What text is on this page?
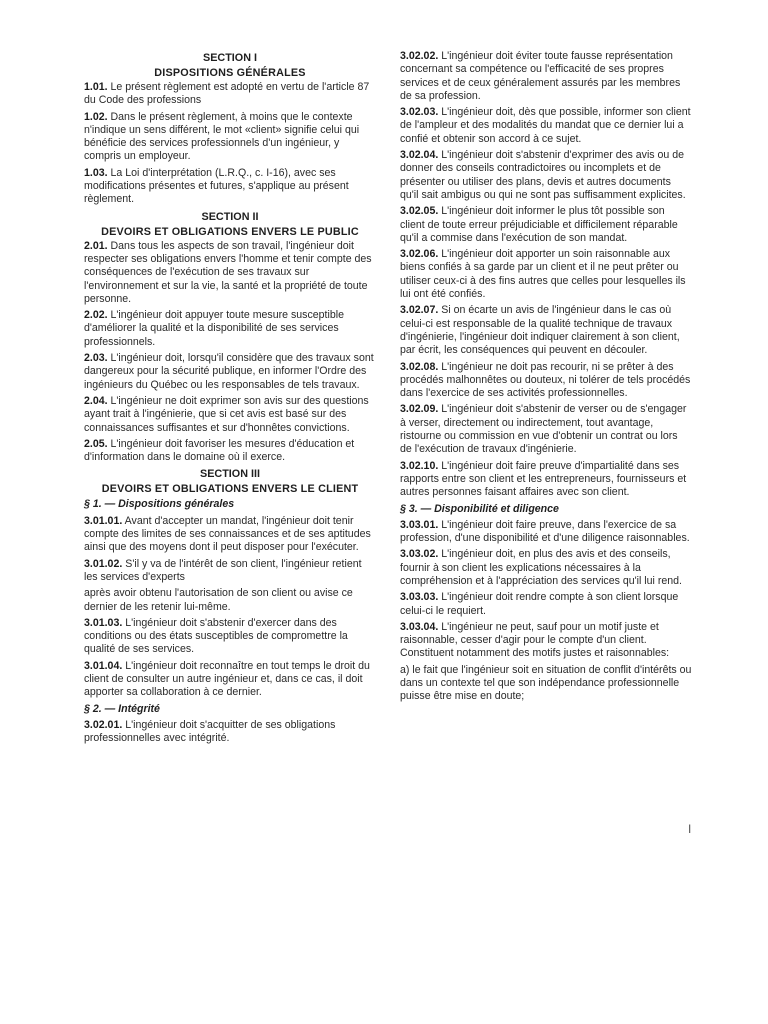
SECTION I
DISPOSITIONS GÉNÉRALES
1.01. Le présent règlement est adopté en vertu de l'article 87 du Code des professions
1.02. Dans le présent règlement, à moins que le contexte n'indique un sens différent, le mot «client» signifie celui qui bénéficie des services professionnels d'un ingénieur, y compris un employeur.
1.03. La Loi d'interprétation (L.R.Q., c. I-16), avec ses modifications présentes et futures, s'applique au présent règlement.
SECTION II
DEVOIRS ET OBLIGATIONS ENVERS LE PUBLIC
2.01. Dans tous les aspects de son travail, l'ingénieur doit respecter ses obligations envers l'homme et tenir compte des conséquences de l'exécution de ses travaux sur l'environnement et sur la vie, la santé et la propriété de toute personne.
2.02. L'ingénieur doit appuyer toute mesure susceptible d'améliorer la qualité et la disponibilité de ses services professionnels.
2.03. L'ingénieur doit, lorsqu'il considère que des travaux sont dangereux pour la sécurité publique, en informer l'Ordre des ingénieurs du Québec ou les responsables de tels travaux.
2.04. L'ingénieur ne doit exprimer son avis sur des questions ayant trait à l'ingénierie, que si cet avis est basé sur des connaissances suffisantes et sur d'honnêtes convictions.
2.05. L'ingénieur doit favoriser les mesures d'éducation et d'information dans le domaine où il exerce.
SECTION III
DEVOIRS ET OBLIGATIONS ENVERS LE CLIENT
§ 1. — Dispositions générales
3.01.01. Avant d'accepter un mandat, l'ingénieur doit tenir compte des limites de ses connaissances et de ses aptitudes ainsi que des moyens dont il peut disposer pour l'exécuter.
3.01.02. S'il y va de l'intérêt de son client, l'ingénieur retient les services d'experts
après avoir obtenu l'autorisation de son client ou avise ce dernier de les retenir lui-même.
3.01.03. L'ingénieur doit s'abstenir d'exercer dans des conditions ou des états susceptibles de compromettre la qualité de ses services.
3.01.04. L'ingénieur doit reconnaître en tout temps le droit du client de consulter un autre ingénieur et, dans ce cas, il doit apporter sa collaboration à ce dernier.
§ 2. — Intégrité
3.02.01. L'ingénieur doit s'acquitter de ses obligations professionnelles avec intégrité.
3.02.02. L'ingénieur doit éviter toute fausse représentation concernant sa compétence ou l'efficacité de ses propres services et de ceux généralement assurés par les membres de sa profession.
3.02.03. L'ingénieur doit, dès que possible, informer son client de l'ampleur et des modalités du mandat que ce dernier lui a confié et obtenir son accord à ce sujet.
3.02.04. L'ingénieur doit s'abstenir d'exprimer des avis ou de donner des conseils contradictoires ou incomplets et de présenter ou utiliser des plans, devis et autres documents qu'il sait ambigus ou qui ne sont pas suffisamment explicites.
3.02.05. L'ingénieur doit informer le plus tôt possible son client de toute erreur préjudiciable et difficilement réparable qu'il a commise dans l'exécution de son mandat.
3.02.06. L'ingénieur doit apporter un soin raisonnable aux biens confiés à sa garde par un client et il ne peut prêter ou utiliser ceux-ci à des fins autres que celles pour lesquelles ils lui ont été confiés.
3.02.07. Si on écarte un avis de l'ingénieur dans le cas où celui-ci est responsable de la qualité technique de travaux d'ingénierie, l'ingénieur doit indiquer clairement à son client, par écrit, les conséquences qui peuvent en découler.
3.02.08. L'ingénieur ne doit pas recourir, ni se prêter à des procédés malhonnêtes ou douteux, ni tolérer de tels procédés dans l'exercice de ses activités professionnelles.
3.02.09. L'ingénieur doit s'abstenir de verser ou de s'engager à verser, directement ou indirectement, tout avantage, ristourne ou commission en vue d'obtenir un contrat ou lors de l'exécution de travaux d'ingénierie.
3.02.10. L'ingénieur doit faire preuve d'impartialité dans ses rapports entre son client et les entrepreneurs, fournisseurs et autres personnes faisant affaires avec son client.
§ 3. — Disponibilité et diligence
3.03.01. L'ingénieur doit faire preuve, dans l'exercice de sa profession, d'une disponibilité et d'une diligence raisonnables.
3.03.02. L'ingénieur doit, en plus des avis et des conseils, fournir à son client les explications nécessaires à la compréhension et à l'appréciation des services qu'il lui rend.
3.03.03. L'ingénieur doit rendre compte à son client lorsque celui-ci le requiert.
3.03.04. L'ingénieur ne peut, sauf pour un motif juste et raisonnable, cesser d'agir pour le compte d'un client. Constituent notamment des motifs justes et raisonnables:
a) le fait que l'ingénieur soit en situation de conflit d'intérêts ou dans un contexte tel que son indépendance professionnelle puisse être mise en doute;
I
